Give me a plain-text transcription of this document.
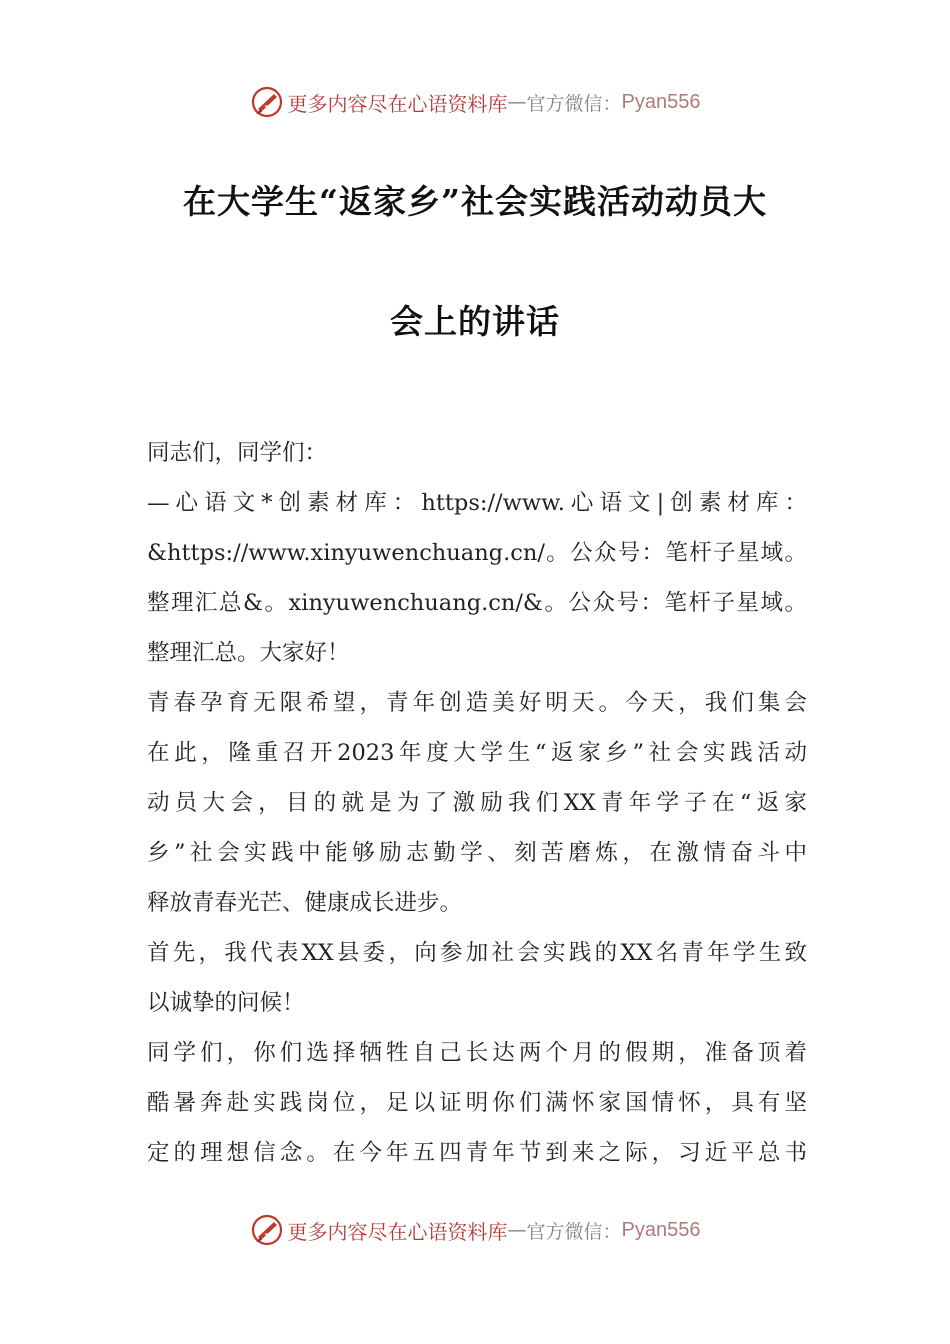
更多内容尽在心语资料库 — 官方微信： Pyan556
在大学生“返家乡”社会实践活动动员大
会上的讲话
同志们，同学们：
—心语文*创素材库：https://www.心语文|创素材库：
&https://www.xinyuwenchuang.cn/。公众号：笔杆子星域。
整理汇总&。xinyuwenchuang.cn/&。公众号：笔杆子星域。
整理汇总。大家好！
青春孕育无限希望，青年创造美好明天。今天，我们集会
在此，隆重召开2023年度大学生“返家乡”社会实践活动
动员大会，目的就是为了激励我们XX青年学子在“返家
乡”社会实践中能够励志勤学、刻苦磨炼，在激情奋斗中
释放青春光芒、健康成长进步。
首先，我代表XX县委，向参加社会实践的XX名青年学生致
以诚挚的问候！
同学们，你们选择牺牲自己长达两个月的假期，准备顶着
酷暑奔赴实践岗位，足以证明你们满怀家国情怀，具有坚
定的理想信念。在今年五四青年节到来之际，习近平总书
更多内容尽在心语资料库 — 官方微信： Pyan556
